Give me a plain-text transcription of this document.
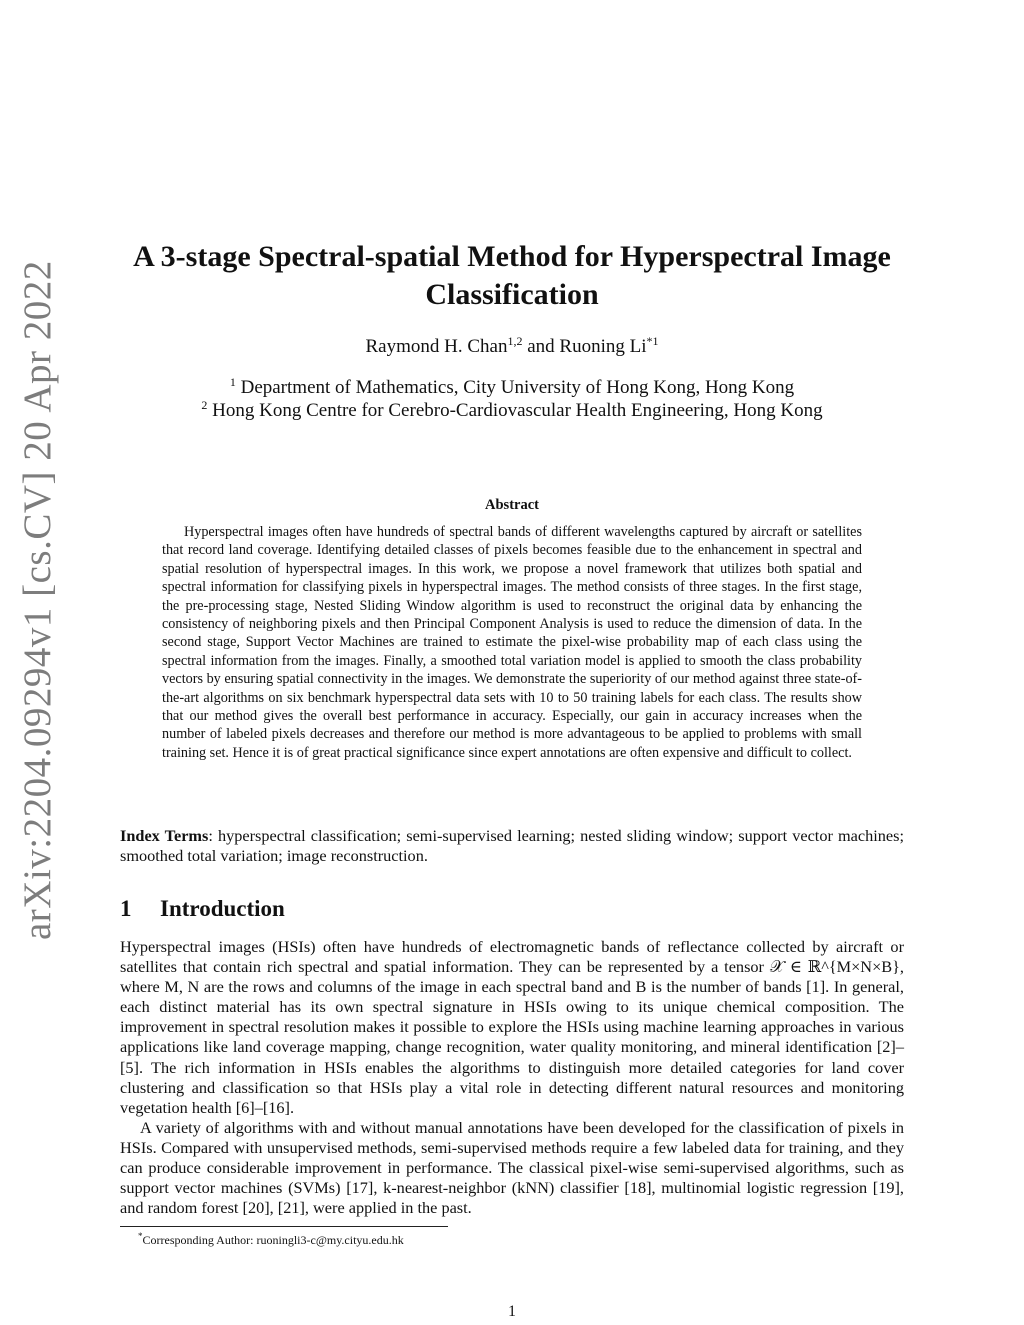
arXiv:2204.09294v1 [cs.CV] 20 Apr 2022
A 3-stage Spectral-spatial Method for Hyperspectral Image Classification
Raymond H. Chan$^{1,2}$ and Ruoning Li$^{*1}$
$^1$ Department of Mathematics, City University of Hong Kong, Hong Kong
$^2$ Hong Kong Centre for Cerebro-Cardiovascular Health Engineering, Hong Kong
Abstract

Hyperspectral images often have hundreds of spectral bands of different wavelengths captured by aircraft or satellites that record land coverage. Identifying detailed classes of pixels becomes feasible due to the enhancement in spectral and spatial resolution of hyperspectral images. In this work, we propose a novel framework that utilizes both spatial and spectral information for classifying pixels in hyperspectral images. The method consists of three stages. In the first stage, the pre-processing stage, Nested Sliding Window algorithm is used to reconstruct the original data by enhancing the consistency of neighboring pixels and then Principal Component Analysis is used to reduce the dimension of data. In the second stage, Support Vector Machines are trained to estimate the pixel-wise probability map of each class using the spectral information from the images. Finally, a smoothed total variation model is applied to smooth the class probability vectors by ensuring spatial connectivity in the images. We demonstrate the superiority of our method against three state-of-the-art algorithms on six benchmark hyperspectral data sets with 10 to 50 training labels for each class. The results show that our method gives the overall best performance in accuracy. Especially, our gain in accuracy increases when the number of labeled pixels decreases and therefore our method is more advantageous to be applied to problems with small training set. Hence it is of great practical significance since expert annotations are often expensive and difficult to collect.

Index Terms: hyperspectral classification; semi-supervised learning; nested sliding window; support vector machines; smoothed total variation; image reconstruction.

1 Introduction

Hyperspectral images (HSIs) often have hundreds of electromagnetic bands of reflectance collected by aircraft or satellites that contain rich spectral and spatial information. They can be represented by a tensor 𝒳 ∈ ℝ^{M×N×B}, where M, N are the rows and columns of the image in each spectral band and B is the number of bands [1]. In general, each distinct material has its own spectral signature in HSIs owing to its unique chemical composition. The improvement in spectral resolution makes it possible to explore the HSIs using machine learning approaches in various applications like land coverage mapping, change recognition, water quality monitoring, and mineral identification [2]–[5]. The rich information in HSIs enables the algorithms to distinguish more detailed categories for land cover clustering and classification so that HSIs play a vital role in detecting different natural resources and monitoring vegetation health [6]–[16].

A variety of algorithms with and without manual annotations have been developed for the classification of pixels in HSIs. Compared with unsupervised methods, semi-supervised methods require a few labeled data for training, and they can produce considerable improvement in performance. The classical pixel-wise semi-supervised algorithms, such as support vector machines (SVMs) [17], k-nearest-neighbor (kNN) classifier [18], multinomial logistic regression [19], and random forest [20], [21], were applied in the past.

*Corresponding Author: ruoningli3-c@my.cityu.edu.hk
1
